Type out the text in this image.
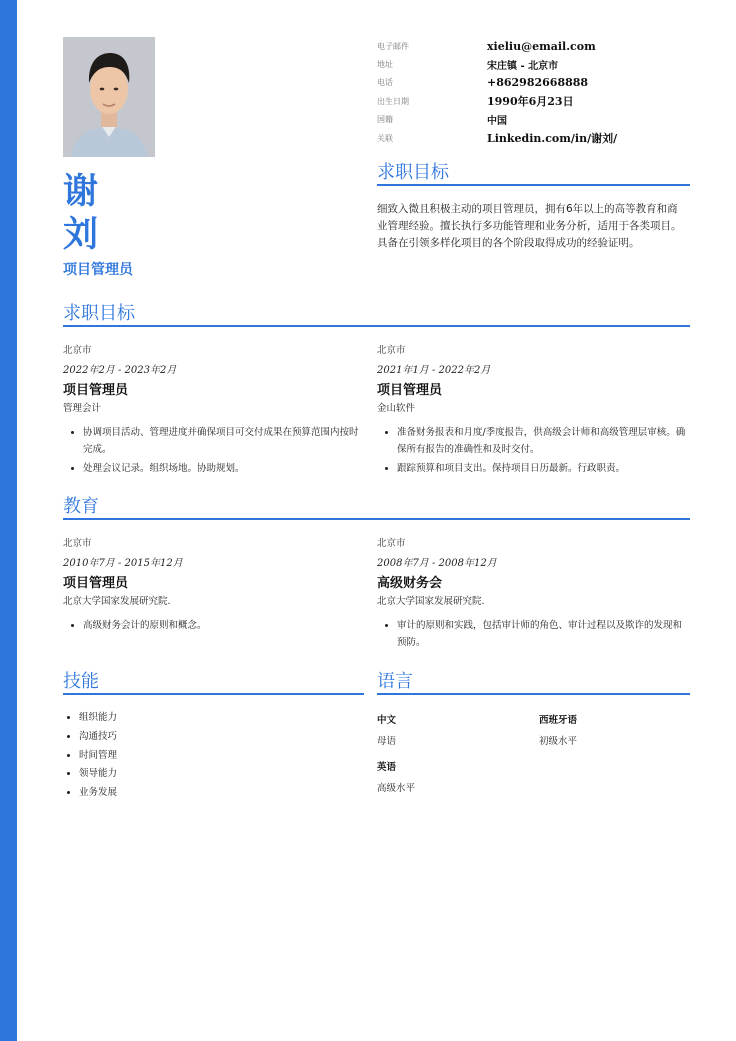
谢
刘
项目管理员
电子邮件	xieliu@email.com
地址	宋庄镇 - 北京市
电话	+862982668888
出生日期	1990年6月23日
国籍	中国
关联	Linkedin.com/in/谢刘/
求职目标
细致入微且积极主动的项目管理员，拥有6年以上的高等教育和商业管理经验。擅长执行多功能管理和业务分析，适用于各类项目。具备在引领多样化项目的各个阶段取得成功的经验证明。
求职目标
北京市
2022年2月 - 2023年2月
项目管理员
管理会计
• 协调项目活动、管理进度并确保项目可交付成果在预算范围内按时完成。
• 处理会议记录。组织场地。协助规划。
北京市
2021年1月 - 2022年2月
项目管理员
金山软件
• 准备财务报表和月度/季度报告，供高级会计师和高级管理层审核。确保所有报告的准确性和及时交付。
• 跟踪预算和项目支出。保持项目日历最新。行政职责。
教育
北京市
2010年7月 - 2015年12月
项目管理员
北京大学国家发展研究院.
• 高级财务会计的原则和概念。
北京市
2008年7月 - 2008年12月
高级财务会
北京大学国家发展研究院.
• 审计的原则和实践，包括审计师的角色、审计过程以及欺诈的发现和预防。
技能
• 组织能力
• 沟通技巧
• 时间管理
• 领导能力
• 业务发展
语言
中文
母语
西班牙语
初级水平
英语
高级水平
